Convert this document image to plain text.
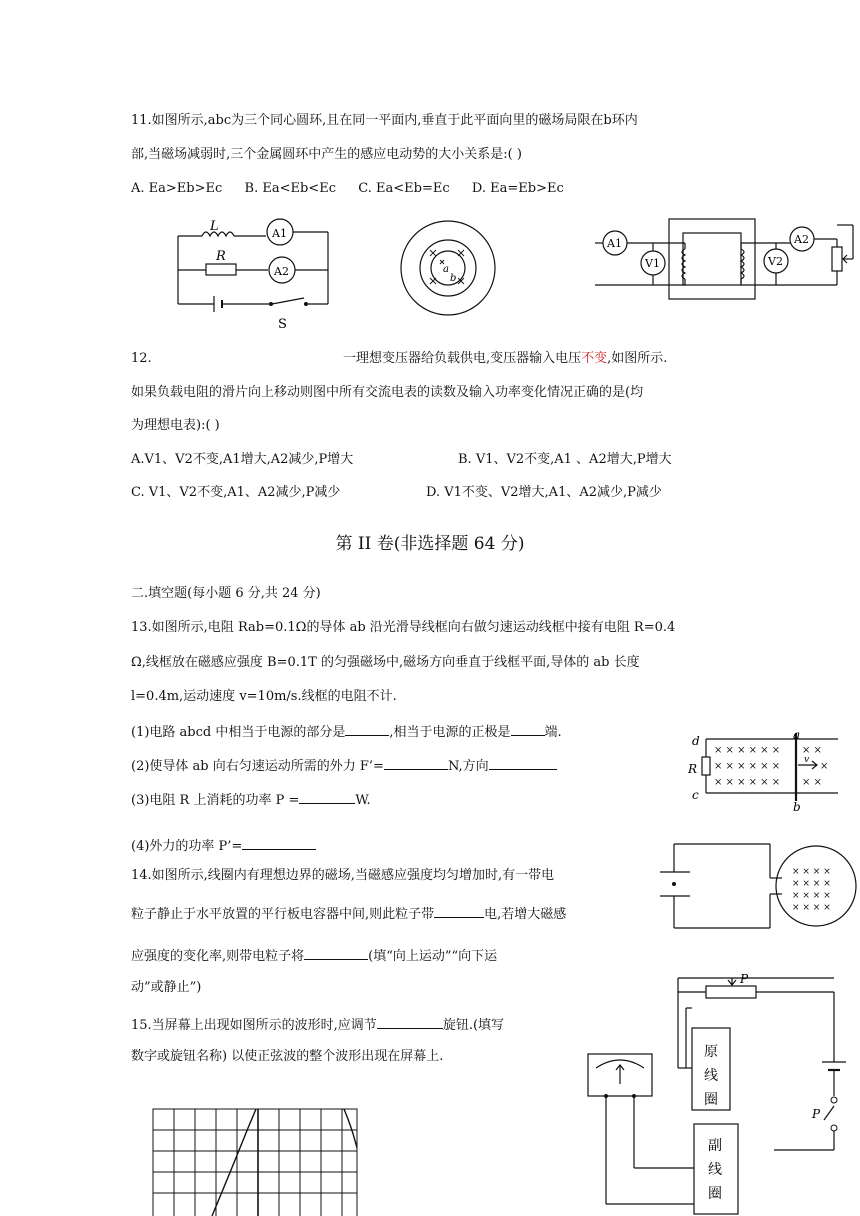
11.如图所示,abc为三个同心圆环,且在同一平面内,垂直于此平面向里的磁场局限在b环内
部,当磁场减弱时,三个金属圆环中产生的感应电动势的大小关系是:( )
A. Ea>Eb>Ec B. Ea<Eb<Ec C. Ea<Eb=Ec D. Ea=Eb>Ec
L	A1
R
A2
S
a
b
A1
V1
A2
V2
12.	一理想变压器给负载供电,变压器输入电压不变,如图所示.
如果负载电阻的滑片向上移动则图中所有交流电表的读数及输入功率变化情况正确的是(均
为理想电表):( )
A.V1、V2不变,A1增大,A2减少,P增大	B. V1、V2不变,A1 、A2增大,P增大
C. V1、V2不变,A1、A2减少,P减少	D. V1不变、V2增大,A1、A2减少,P减少
第 II 卷(非选择题 64 分)
二.填空题(每小题 6 分,共 24 分)
13.如图所示,电阻 Rab=0.1Ω的导体 ab 沿光滑导线框向右做匀速运动线框中接有电阻 R=0.4
Ω,线框放在磁感应强度 B=0.1T 的匀强磁场中,磁场方向垂直于线框平面,导体的 ab 长度
l=0.4m,运动速度 v=10m/s.线框的电阻不计.
(1)电路 abcd 中相当于电源的部分是	,相当于电源的正极是	端.
(2)使导体 ab 向右匀速运动所需的外力 F’=	N,方向
(3)电阻 R 上消耗的功率 P =	W.
(4)外力的功率 P’=
× × × × × ×
× × × × × ×
× × × × × ×
× ×
×
× ×
d	a
R
v
c
b
14.如图所示,线圈内有理想边界的磁场,当磁感应强度均匀增加时,有一带电
粒子静止于水平放置的平行板电容器中间,则此粒子带	电,若增大磁感
应强度的变化率,则带电粒子将	(填“向上运动”“向下运
动”或静止”)
× × × ×
× × × ×
× × × ×
× × × ×
15.当屏幕上出现如图所示的波形时,应调节	旋钮.(填写
数字或旋钮名称) 以使正弦波的整个波形出现在屏幕上.
P
P
原
线
圈
副
线
圈
